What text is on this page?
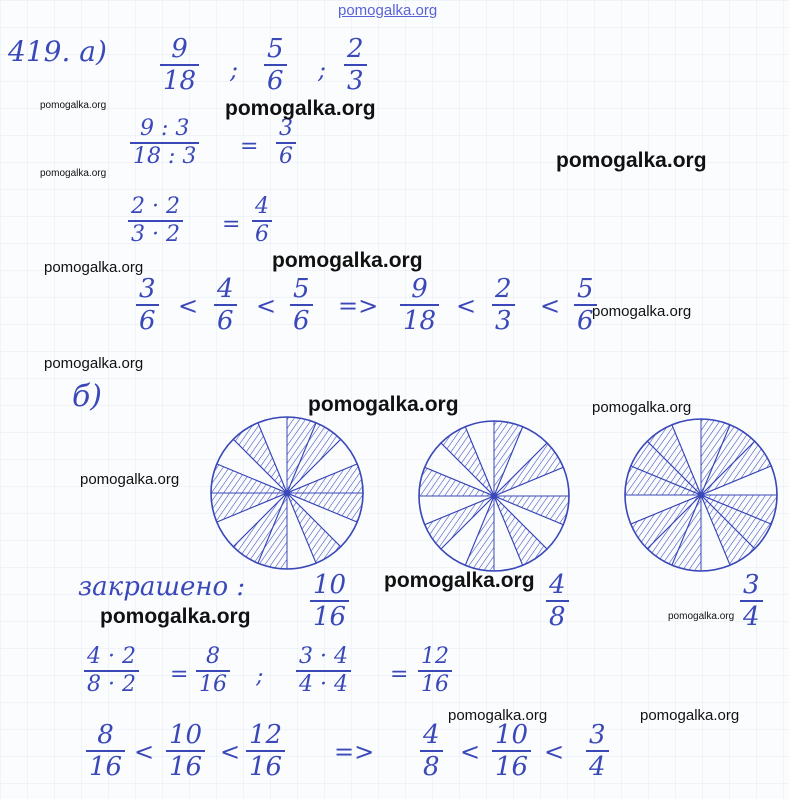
pomogalka.org
419. а) 9
18 ;
5
6 ;
2
3
9 : 3
18 : 3 =
3
6
2 · 2
3 · 2 =
4
6
3
6 <
4
6 <
5
6 =>
9
18 <
2
3 <
5
6
б)
закрашено :	10
16
4
8
3
4
4 · 2
8 · 2 =
8
16 ;
3 · 4
4 · 4 =
12
16
8
16 <
10
16 <
12
16 =>
4
8 <
10
16 <
3
4
pomogalka.org
pomogalka.org
pomogalka.org
pomogalka.org
pomogalka.org
pomogalka.org
pomogalka.org
pomogalka.org
pomogalka.org
pomogalka.org
pomogalka.org
pomogalka.org	pomogalka.org
pomogalka.org
pomogalka.org
pomogalka.org
